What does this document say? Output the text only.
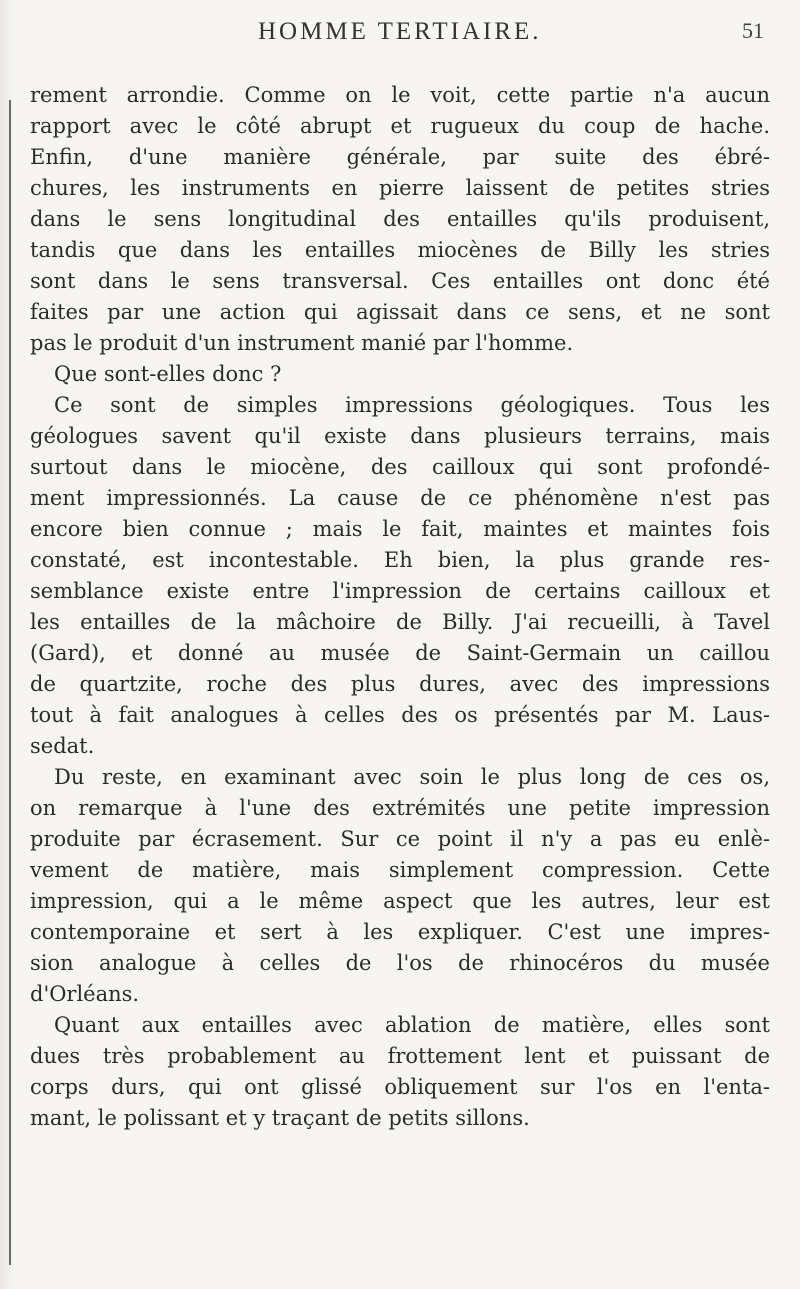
HOMME TERTIAIRE.	51
rement arrondie. Comme on le voit, cette partie n'a aucun
rapport avec le côté abrupt et rugueux du coup de hache.
Enfin, d'une manière générale, par suite des ébré-
chures, les instruments en pierre laissent de petites stries
dans le sens longitudinal des entailles qu'ils produisent,
tandis que dans les entailles miocènes de Billy les stries
sont dans le sens transversal. Ces entailles ont donc été
faites par une action qui agissait dans ce sens, et ne sont
pas le produit d'un instrument manié par l'homme.
Que sont-elles donc ?
Ce sont de simples impressions géologiques. Tous les
géologues savent qu'il existe dans plusieurs terrains, mais
surtout dans le miocène, des cailloux qui sont profondé-
ment impressionnés. La cause de ce phénomène n'est pas
encore bien connue ; mais le fait, maintes et maintes fois
constaté, est incontestable. Eh bien, la plus grande res-
semblance existe entre l'impression de certains cailloux et
les entailles de la mâchoire de Billy. J'ai recueilli, à Tavel
(Gard), et donné au musée de Saint-Germain un caillou
de quartzite, roche des plus dures, avec des impressions
tout à fait analogues à celles des os présentés par M. Laus-
sedat.
Du reste, en examinant avec soin le plus long de ces os,
on remarque à l'une des extrémités une petite impression
produite par écrasement. Sur ce point il n'y a pas eu enlè-
vement de matière, mais simplement compression. Cette
impression, qui a le même aspect que les autres, leur est
contemporaine et sert à les expliquer. C'est une impres-
sion analogue à celles de l'os de rhinocéros du musée
d'Orléans.
Quant aux entailles avec ablation de matière, elles sont
dues très probablement au frottement lent et puissant de
corps durs, qui ont glissé obliquement sur l'os en l'enta-
mant, le polissant et y traçant de petits sillons.
